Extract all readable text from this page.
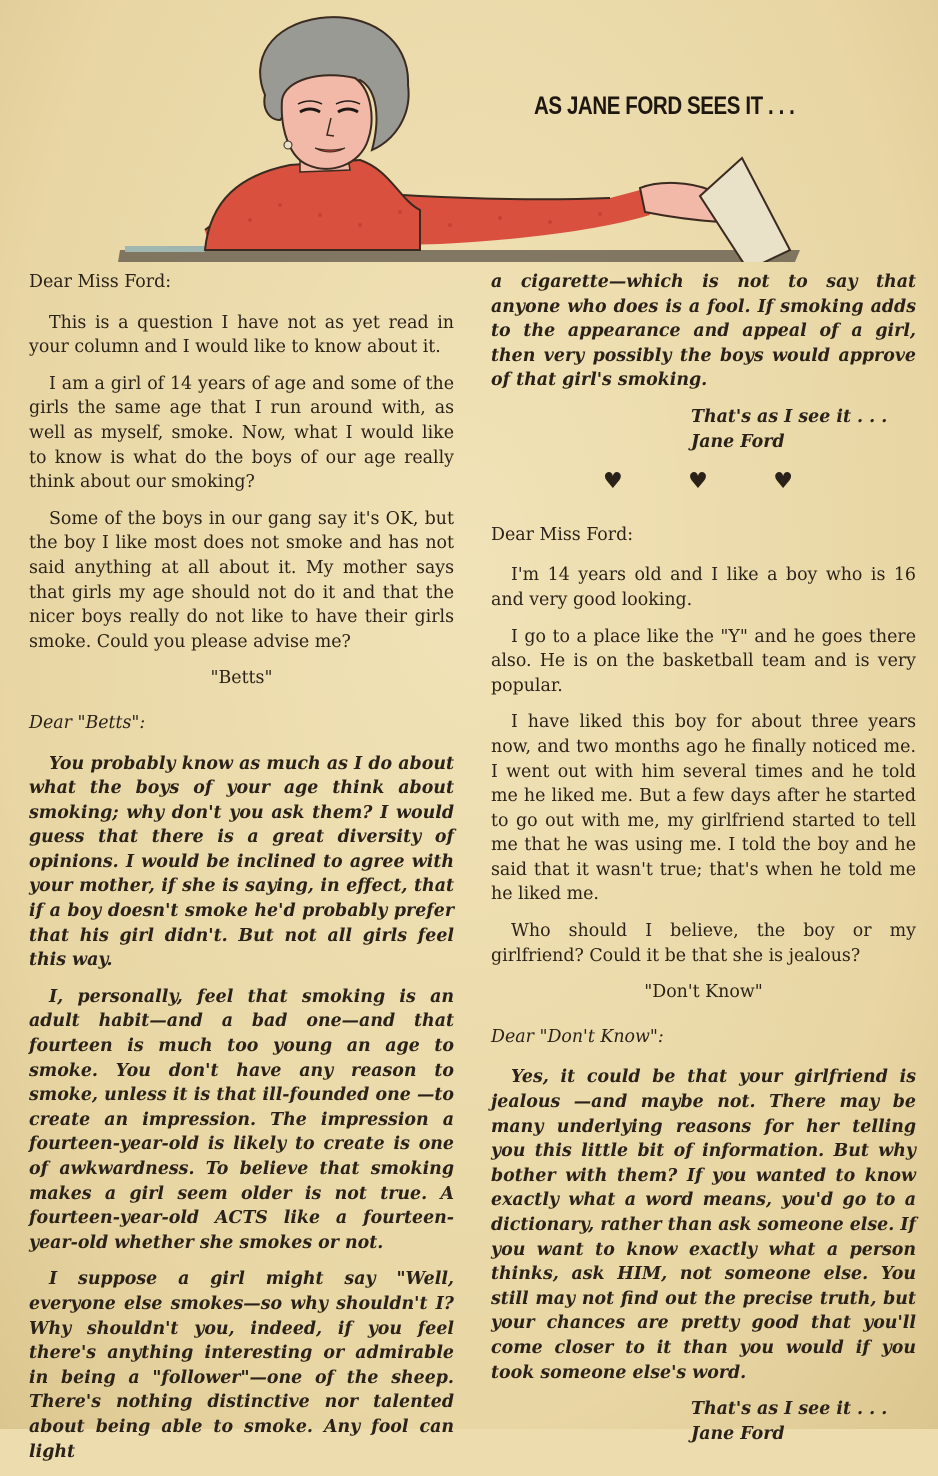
AS JANE FORD SEES IT . . .

Dear Miss Ford:

This is a question I have not as yet read in your column and I would like to know about it.

I am a girl of 14 years of age and some of the girls the same age that I run around with, as well as myself, smoke. Now, what I would like to know is what do the boys of our age really think about our smoking?

Some of the boys in our gang say it's OK, but the boy I like most does not smoke and has not said anything at all about it. My mother says that girls my age should not do it and that the nicer boys really do not like to have their girls smoke. Could you please advise me?

"Betts"

Dear "Betts":

You probably know as much as I do about what the boys of your age think about smoking; why don't you ask them? I would guess that there is a great diversity of opinions. I would be inclined to agree with your mother, if she is saying, in effect, that if a boy doesn't smoke he'd probably prefer that his girl didn't. But not all girls feel this way.

I, personally, feel that smoking is an adult habit—and a bad one—and that fourteen is much too young an age to smoke. You don't have any reason to smoke, unless it is that ill-founded one —to create an impression. The impression a fourteen-year-old is likely to create is one of awkwardness. To believe that smoking makes a girl seem older is not true. A fourteen-year-old ACTS like a fourteen-year-old whether she smokes or not.

I suppose a girl might say "Well, everyone else smokes—so why shouldn't I? Why shouldn't you, indeed, if you feel there's anything interesting or admirable in being a "follower"—one of the sheep. There's nothing distinctive nor talented about being able to smoke. Any fool can light

a cigarette—which is not to say that anyone who does is a fool. If smoking adds to the appearance and appeal of a girl, then very possibly the boys would approve of that girl's smoking.

That's as I see it . . .

Jane Ford

♥	♥	♥

Dear Miss Ford:

I'm 14 years old and I like a boy who is 16 and very good looking.

I go to a place like the "Y" and he goes there also. He is on the basketball team and is very popular.

I have liked this boy for about three years now, and two months ago he finally noticed me. I went out with him several times and he told me he liked me. But a few days after he started to go out with me, my girlfriend started to tell me that he was using me. I told the boy and he said that it wasn't true; that's when he told me he liked me.

Who should I believe, the boy or my girlfriend? Could it be that she is jealous?

"Don't Know"

Dear "Don't Know":

Yes, it could be that your girlfriend is jealous —and maybe not. There may be many underlying reasons for her telling you this little bit of information. But why bother with them? If you wanted to know exactly what a word means, you'd go to a dictionary, rather than ask someone else. If you want to know exactly what a person thinks, ask HIM, not someone else. You still may not find out the precise truth, but your chances are pretty good that you'll come closer to it than you would if you took someone else's word.

That's as I see it . . .

Jane Ford
